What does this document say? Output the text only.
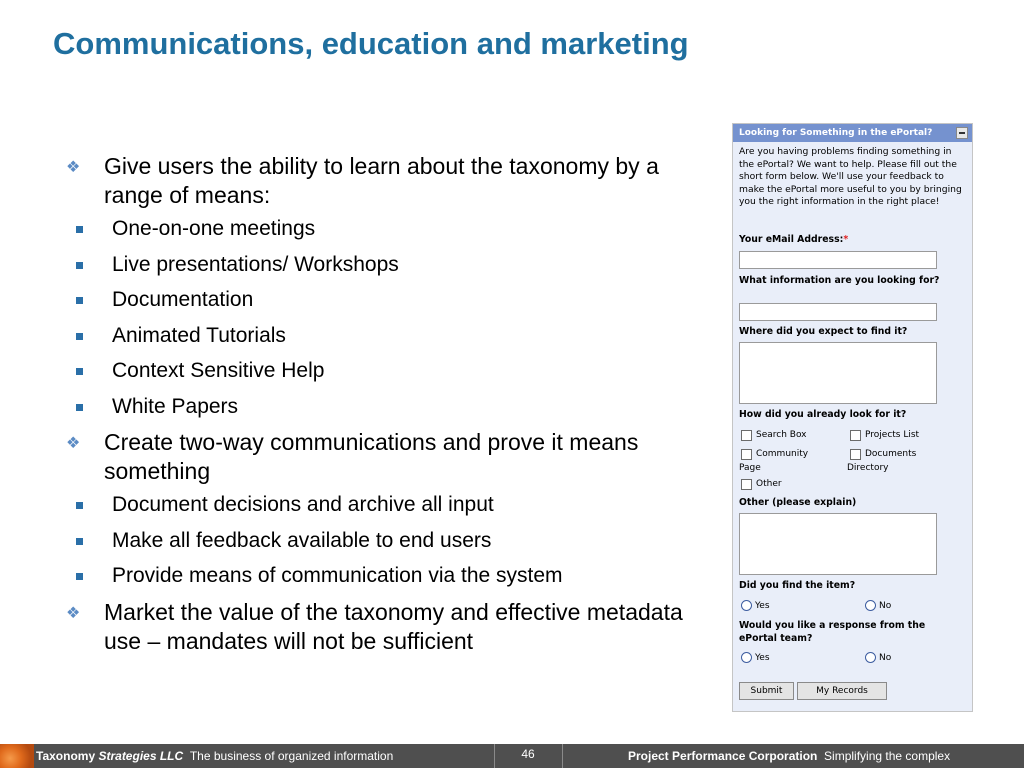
Communications, education and marketing
❖ Give users the ability to learn about the taxonomy by a range of means:
One-on-one meetings
Live presentations/ Workshops
Documentation
Animated Tutorials
Context Sensitive Help
White Papers
❖ Create two-way communications and prove it means something
Document decisions and archive all input
Make all feedback available to end users
Provide means of communication via the system
❖ Market the value of the taxonomy and effective metadata use – mandates will not be sufficient
Looking for Something in the ePortal?
Are you having problems finding something in the ePortal? We want to help. Please fill out the short form below. We'll use your feedback to make the ePortal more useful to you by bringing you the right information in the right place!
Your eMail Address:*
What information are you looking for?
Where did you expect to find it?
How did you already look for it?
Search Box	Projects List
Community	Documents
Page	Directory
Other
Other (please explain)
Did you find the item?
Yes	No
Would you like a response from the ePortal team?
Yes	No
Submit	My Records
Taxonomy Strategies LLC The business of organized information	46	Project Performance Corporation Simplifying the complex
